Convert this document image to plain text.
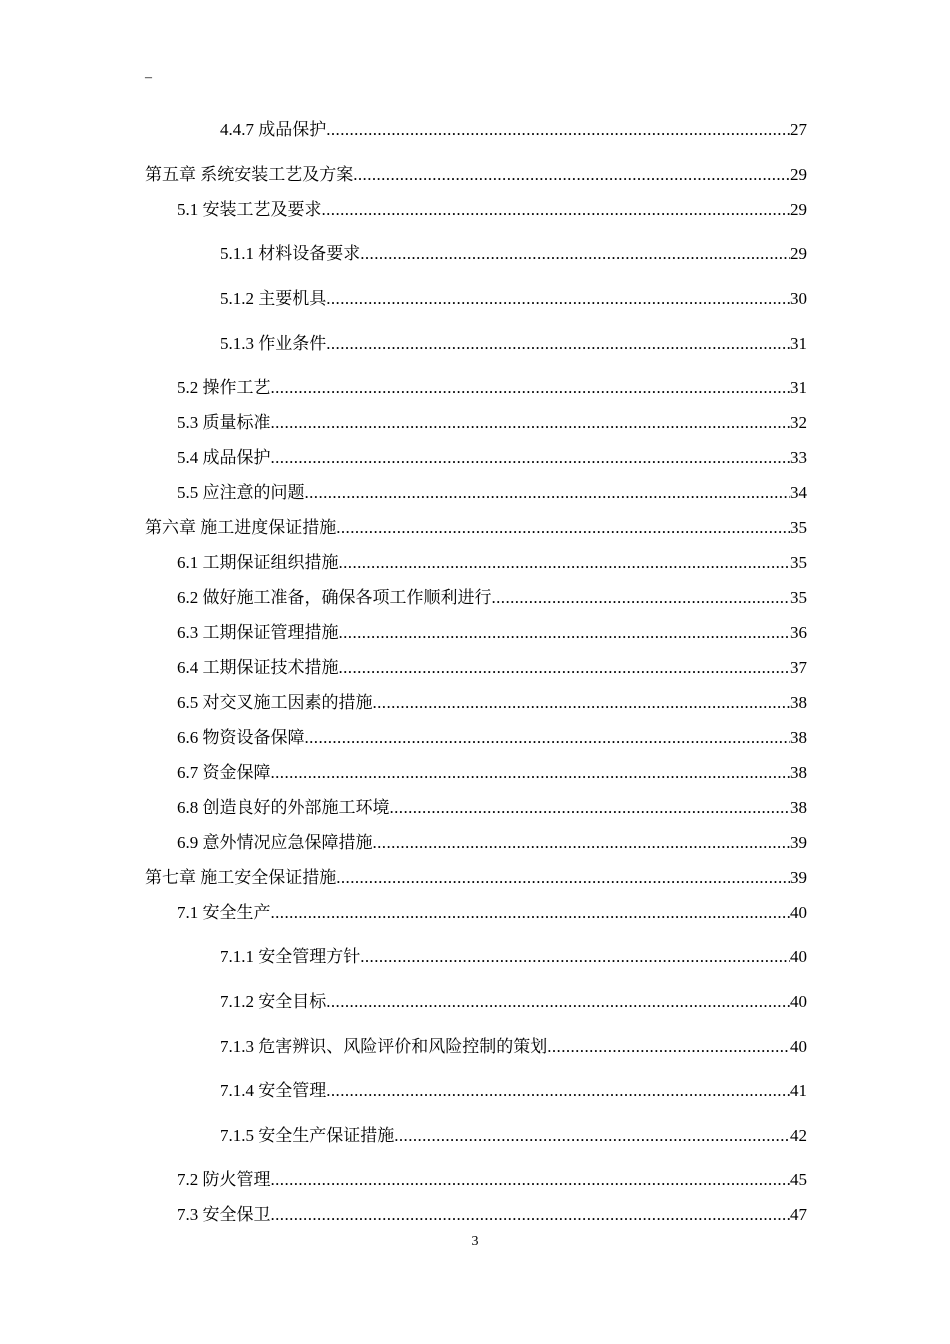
–
4.4.7 成品保护 .....	27
第五章 系统安装工艺及方案 .....	29
5.1 安装工艺及要求 .....	29
5.1.1 材料设备要求 .....	29
5.1.2 主要机具 .....	30
5.1.3 作业条件 .....	31
5.2 操作工艺 .....	31
5.3 质量标准 .....	32
5.4 成品保护 .....	33
5.5 应注意的问题 .....	34
第六章 施工进度保证措施 .....	35
6.1 工期保证组织措施 .....	35
6.2 做好施工准备，确保各项工作顺利进行 .....	35
6.3 工期保证管理措施 .....	36
6.4 工期保证技术措施 .....	37
6.5 对交叉施工因素的措施 .....	38
6.6 物资设备保障 .....	38
6.7 资金保障 .....	38
6.8 创造良好的外部施工环境 .....	38
6.9 意外情况应急保障措施 .....	39
第七章 施工安全保证措施 .....	39
7.1 安全生产 .....	40
7.1.1 安全管理方针 .....	40
7.1.2 安全目标 .....	40
7.1.3 危害辨识、风险评价和风险控制的策划 .....	40
7.1.4 安全管理 .....	41
7.1.5 安全生产保证措施 .....	42
7.2 防火管理 .....	45
7.3 安全保卫 .....	47
3
